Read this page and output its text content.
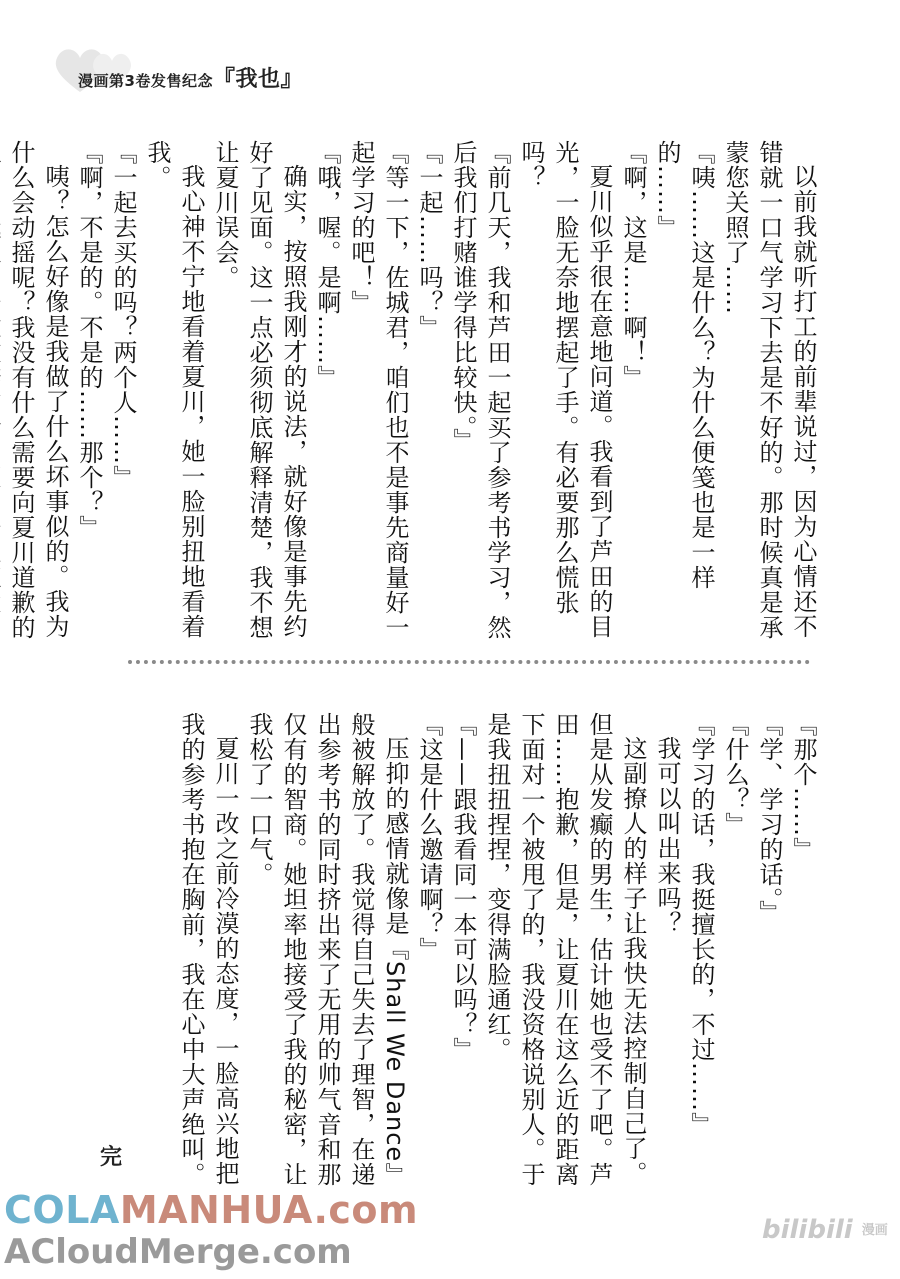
漫画第3卷发售纪念『我也』

以前我就听打工的前辈说过，因为心情还不错就一口气学习下去是不好的。那时候真是承蒙您关照了……

『咦……这是什么？为什么便笺也是一样的……』

『啊，这是……啊！』

夏川似乎很在意地问道。我看到了芦田的目光，一脸无奈地摆起了手。有必要那么慌张吗？

『前几天，我和芦田一起买了参考书学习，然后我们打赌谁学得比较快。』

『一起……吗？』

『等一下，佐城君，咱们也不是事先商量好一起学习的吧！』

『哦，喔。是啊……』

确实，按照我刚才的说法，就好像是事先约好了见面。这一点必须彻底解释清楚，我不想让夏川误会。

我心神不宁地看着夏川，她一脸别扭地看着我。

『一起去买的吗？两个人……』

『啊，不是的。不是的……那个？』

咦？怎么好像是我做了什么坏事似的。我为什么会动摇呢？我没有什么需要向夏川道歉的

『那个……』

『学、学习的话。』

『什么？』

『学习的话，我挺擅长的，不过……』

我可以叫出来吗？

这副撩人的样子让我快无法控制自己了。但是从发癫的男生，估计她也受不了吧。芦田……抱歉，但是，让夏川在这么近的距离下面对一个被甩了的，我没资格说别人。于是我扭扭捏捏，变得满脸通红。

『——跟我看同一本可以吗？』

『这是什么邀请啊？』

压抑的感情就像是『Shall We Dance』般被解放了。我觉得自己失去了理智，在递出参考书的同时挤出来了无用的帅气音和那仅有的智商。她坦率地接受了我的秘密，让我松了一口气。

夏川一改之前冷漠的态度，一脸高兴地把我的参考书抱在胸前，我在心中大声绝叫。

完
COLAMANHUA.com
ACloudMerge.com
bilibili 漫画
